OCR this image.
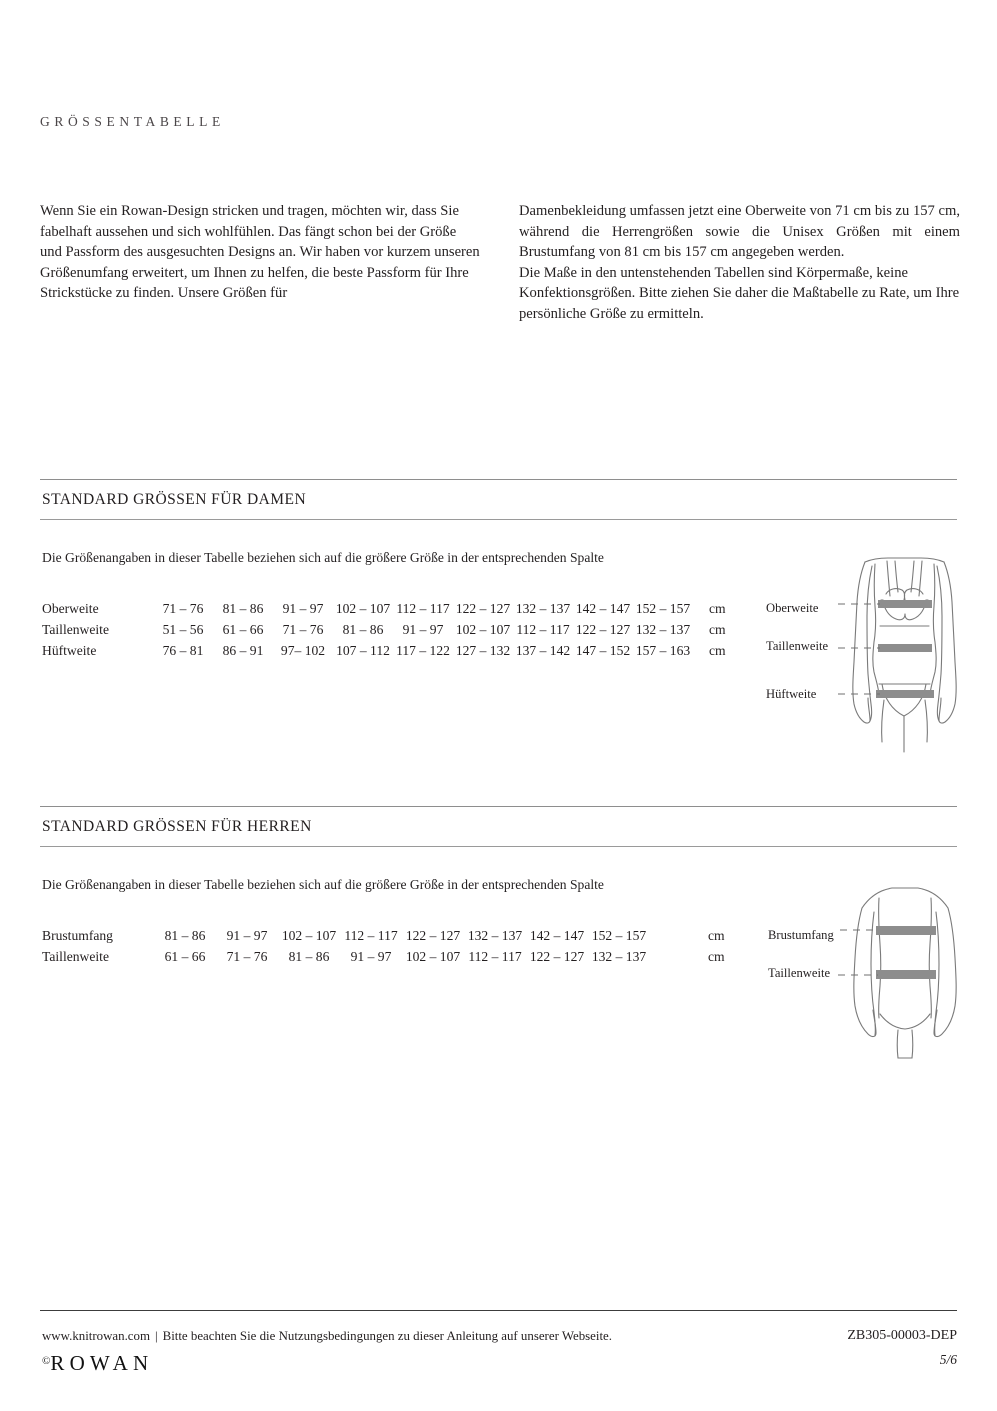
GRÖSSENTABELLE

Wenn Sie ein Rowan-Design stricken und tragen, möchten wir, dass Sie fabelhaft aussehen und sich wohlfühlen. Das fängt schon bei der Größe und Passform des ausgesuchten Designs an. Wir haben vor kurzem unseren Größenumfang erweitert, um Ihnen zu helfen, die beste Passform für Ihre Strickstücke zu finden. Unsere Größen für

Damenbekleidung umfassen jetzt eine Oberweite von 71 cm bis zu 157 cm, während die Herrengrößen sowie die Unisex Größen mit einem Brustumfang von 81 cm bis 157 cm angegeben werden.

Die Maße in den untenstehenden Tabellen sind Körpermaße, keine Konfektionsgrößen. Bitte ziehen Sie daher die Maßtabelle zu Rate, um Ihre persönliche Größe zu ermitteln.

STANDARD GRÖSSEN FÜR DAMEN
Die Größenangaben in dieser Tabelle beziehen sich auf die größere Größe in der entsprechenden Spalte
Oberweite	71 – 76	81 – 86	91 – 97	102 – 107	112 – 117	122 – 127	132 – 137	142 – 147	152 – 157	cm
Taillenweite	51 – 56	61 – 66	71 – 76	81 – 86	91 – 97	102 – 107	112 – 117	122 – 127	132 – 137	cm
Hüftweite	76 – 81	86 – 91	97– 102	107 – 112	117 – 122	127 – 132	137 – 142	147 – 152	157 – 163	cm
Oberweite
Taillenweite
Hüftweite
STANDARD GRÖSSEN FÜR HERREN
Die Größenangaben in dieser Tabelle beziehen sich auf die größere Größe in der entsprechenden Spalte
Brustumfang	81 – 86	91 – 97	102 – 107	112 – 117	122 – 127	132 – 137	142 – 147	152 – 157	cm
Taillenweite	61 – 66	71 – 76	81 – 86	91 – 97	102 – 107	112 – 117	122 – 127	132 – 137	cm
Brustumfang
Taillenweite
www.knitrowan.com | Bitte beachten Sie die Nutzungsbedingungen zu dieser Anleitung auf unserer Webseite.
©ROWAN
ZB305-00003-DEP
5/6
